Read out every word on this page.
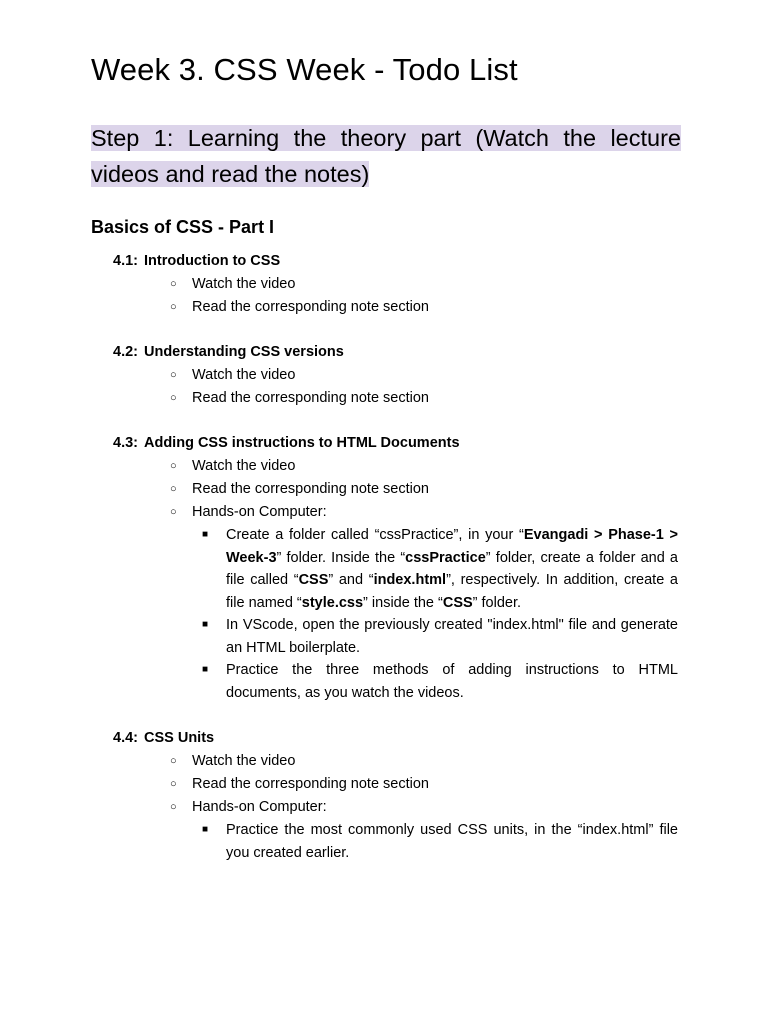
Week 3. CSS Week - Todo List
Step 1: Learning the theory part (Watch the lecture videos and read the notes)
Basics of CSS - Part I
4.1: Introduction to CSS
○ Watch the video
○ Read the corresponding note section
4.2: Understanding CSS versions
○ Watch the video
○ Read the corresponding note section
4.3: Adding CSS instructions to HTML Documents
○ Watch the video
○ Read the corresponding note section
○ Hands-on Computer:
■ Create a folder called “cssPractice”, in your “Evangadi > Phase-1 > Week-3” folder. Inside the “cssPractice” folder, create a folder and a file called “CSS” and “index.html”, respectively. In addition, create a file named “style.css” inside the “CSS” folder.
■ In VScode, open the previously created "index.html" file and generate an HTML boilerplate.
■ Practice the three methods of adding instructions to HTML documents, as you watch the videos.
4.4: CSS Units
○ Watch the video
○ Read the corresponding note section
○ Hands-on Computer:
■ Practice the most commonly used CSS units, in the “index.html” file you created earlier.
